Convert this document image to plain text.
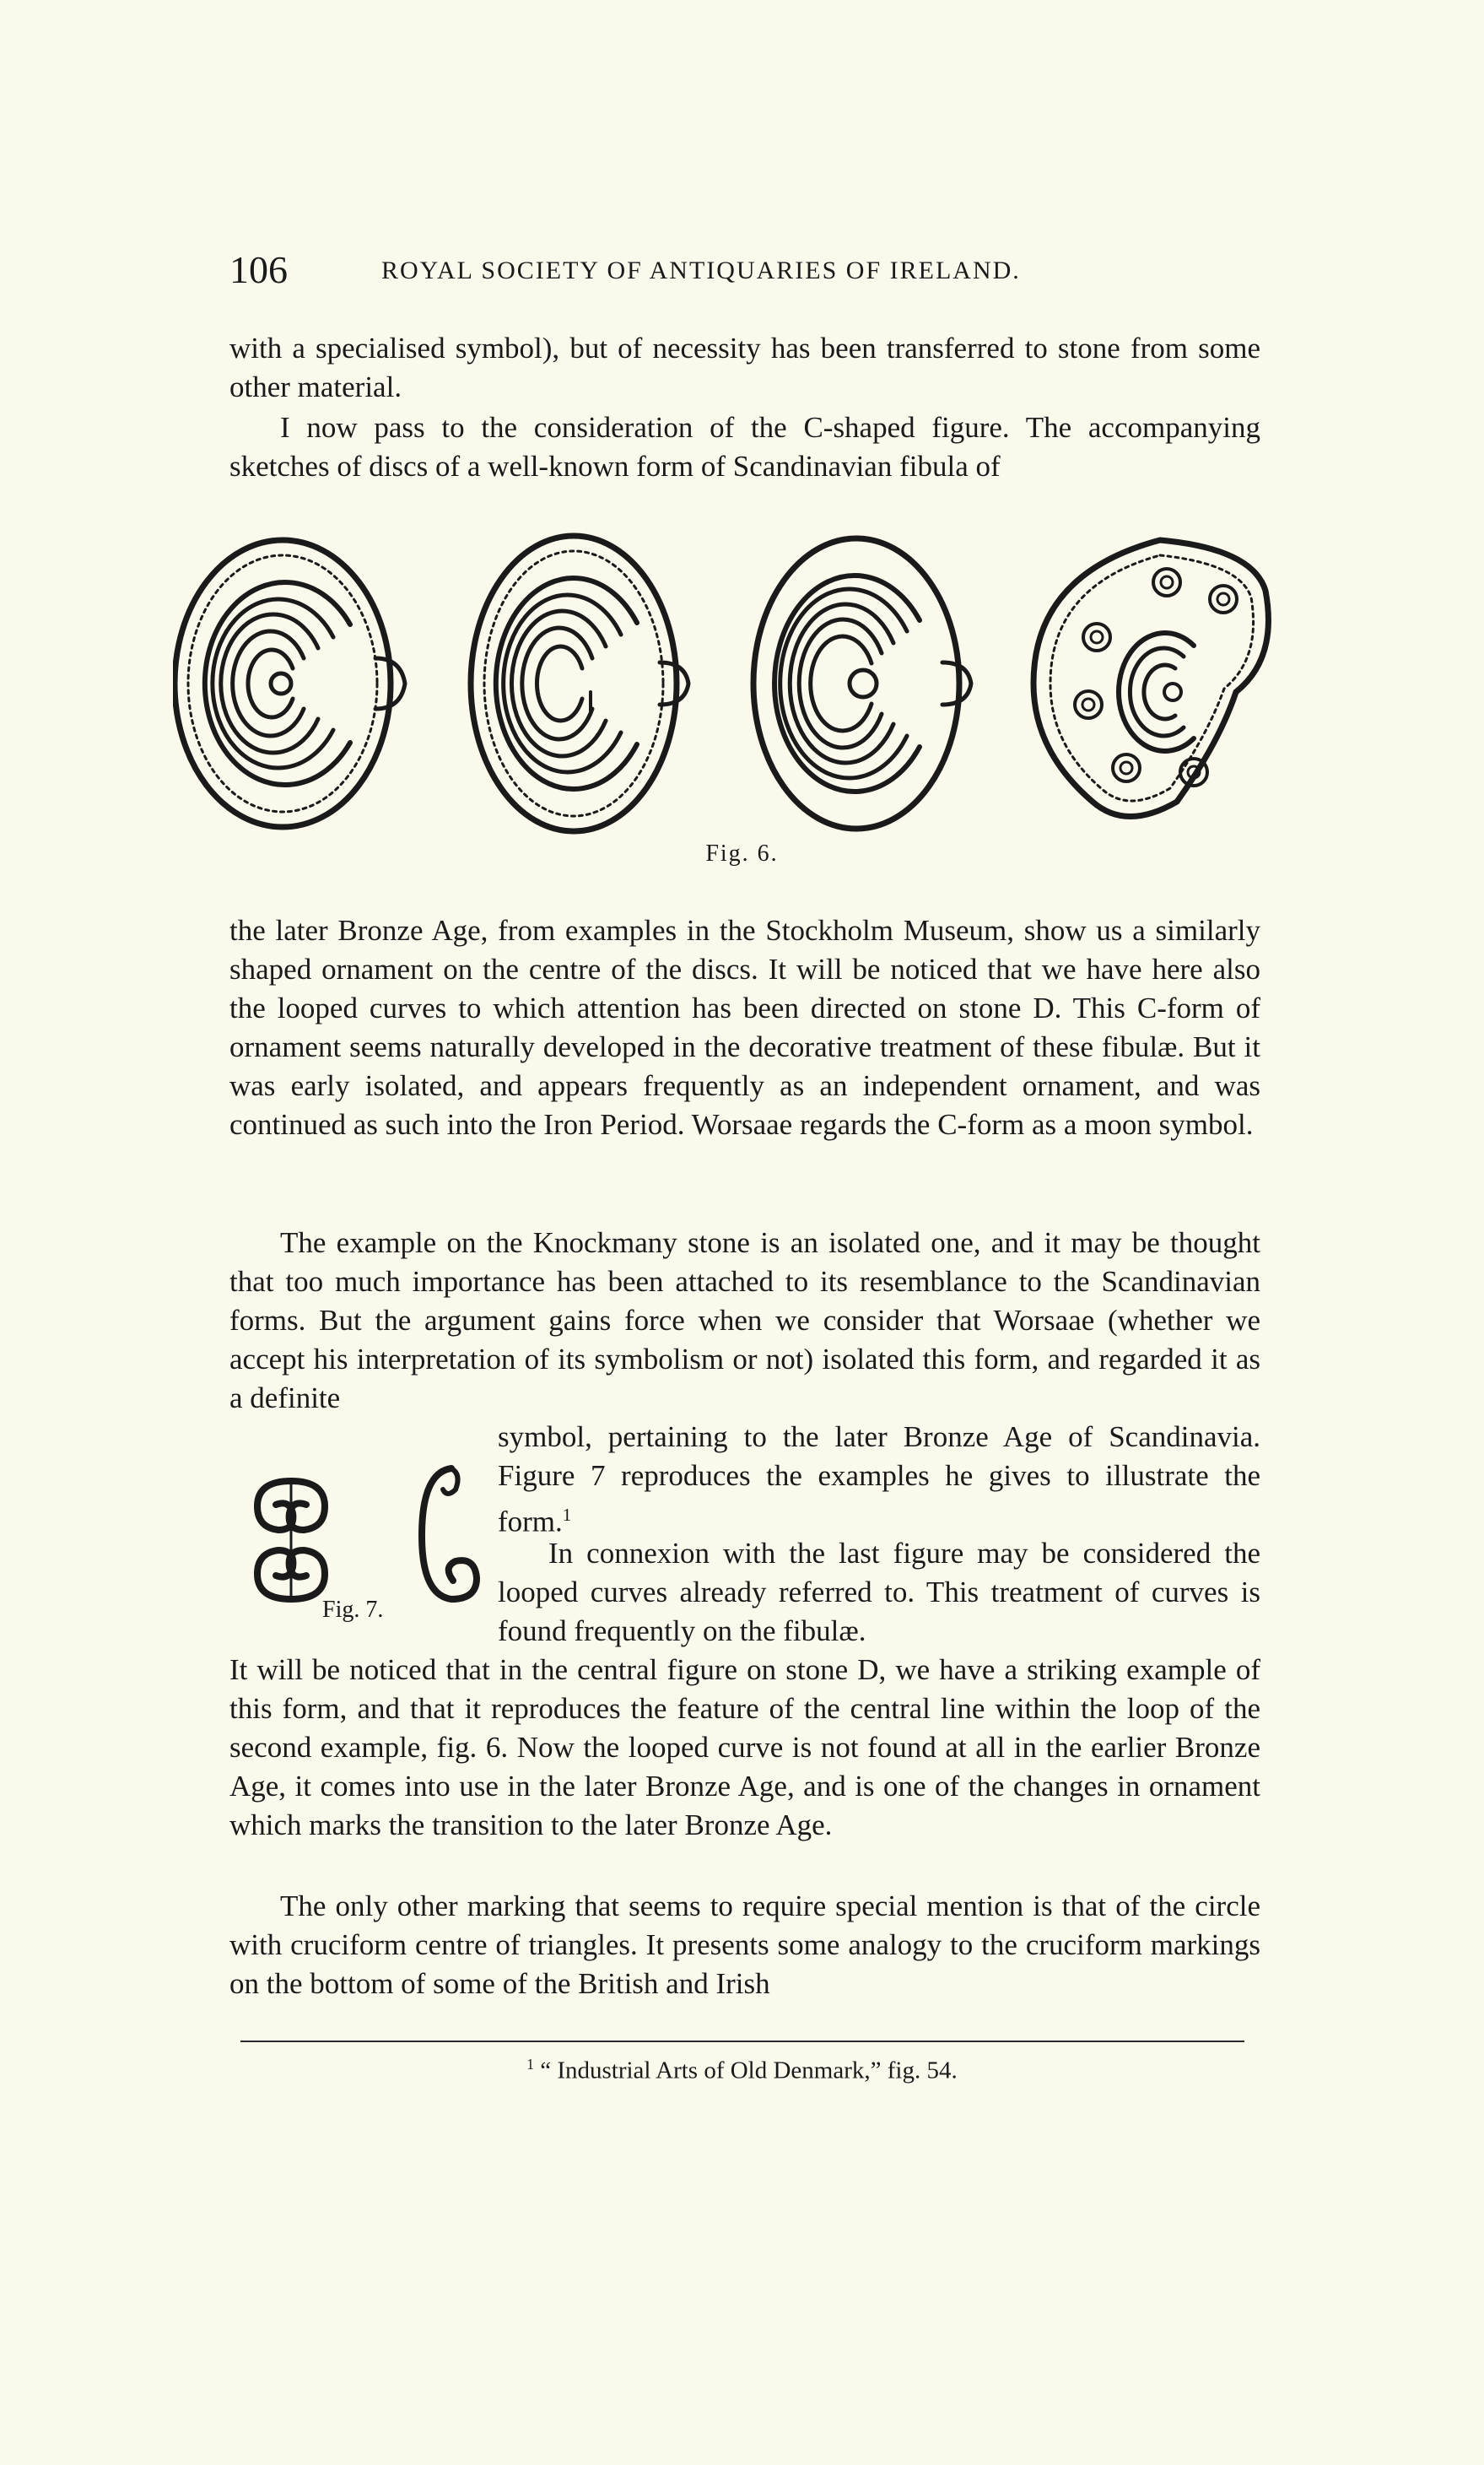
106	ROYAL SOCIETY OF ANTIQUARIES OF IRELAND.

with a specialised symbol), but of necessity has been transferred to stone from some other material.

I now pass to the consideration of the C-shaped figure. The accompanying sketches of discs of a well-known form of Scandinavian fibula of

Fig. 6.

the later Bronze Age, from examples in the Stockholm Museum, show us a similarly shaped ornament on the centre of the discs. It will be noticed that we have here also the looped curves to which attention has been directed on stone D. This C-form of ornament seems naturally developed in the decorative treatment of these fibulæ. But it was early isolated, and appears frequently as an independent ornament, and was continued as such into the Iron Period. Worsaae regards the C-form as a moon symbol.

The example on the Knockmany stone is an isolated one, and it may be thought that too much importance has been attached to its resemblance to the Scandinavian forms. But the argument gains force when we consider that Worsaae (whether we accept his interpretation of its symbolism or not) isolated this form, and regarded it as a definite

Fig. 7.
symbol, pertaining to the later Bronze Age of Scandinavia. Figure 7 reproduces the examples he gives to illustrate the form.$^1$

In connexion with the last figure may be considered the looped curves already referred to. This treatment of curves is found frequently on the fibulæ.

It will be noticed that in the central figure on stone D, we have a striking example of this form, and that it reproduces the feature of the central line within the loop of the second example, fig. 6. Now the looped curve is not found at all in the earlier Bronze Age, it comes into use in the later Bronze Age, and is one of the changes in ornament which marks the transition to the later Bronze Age.

The only other marking that seems to require special mention is that of the circle with cruciform centre of triangles. It presents some analogy to the cruciform markings on the bottom of some of the British and Irish

$^1$ “ Industrial Arts of Old Denmark,” fig. 54.
